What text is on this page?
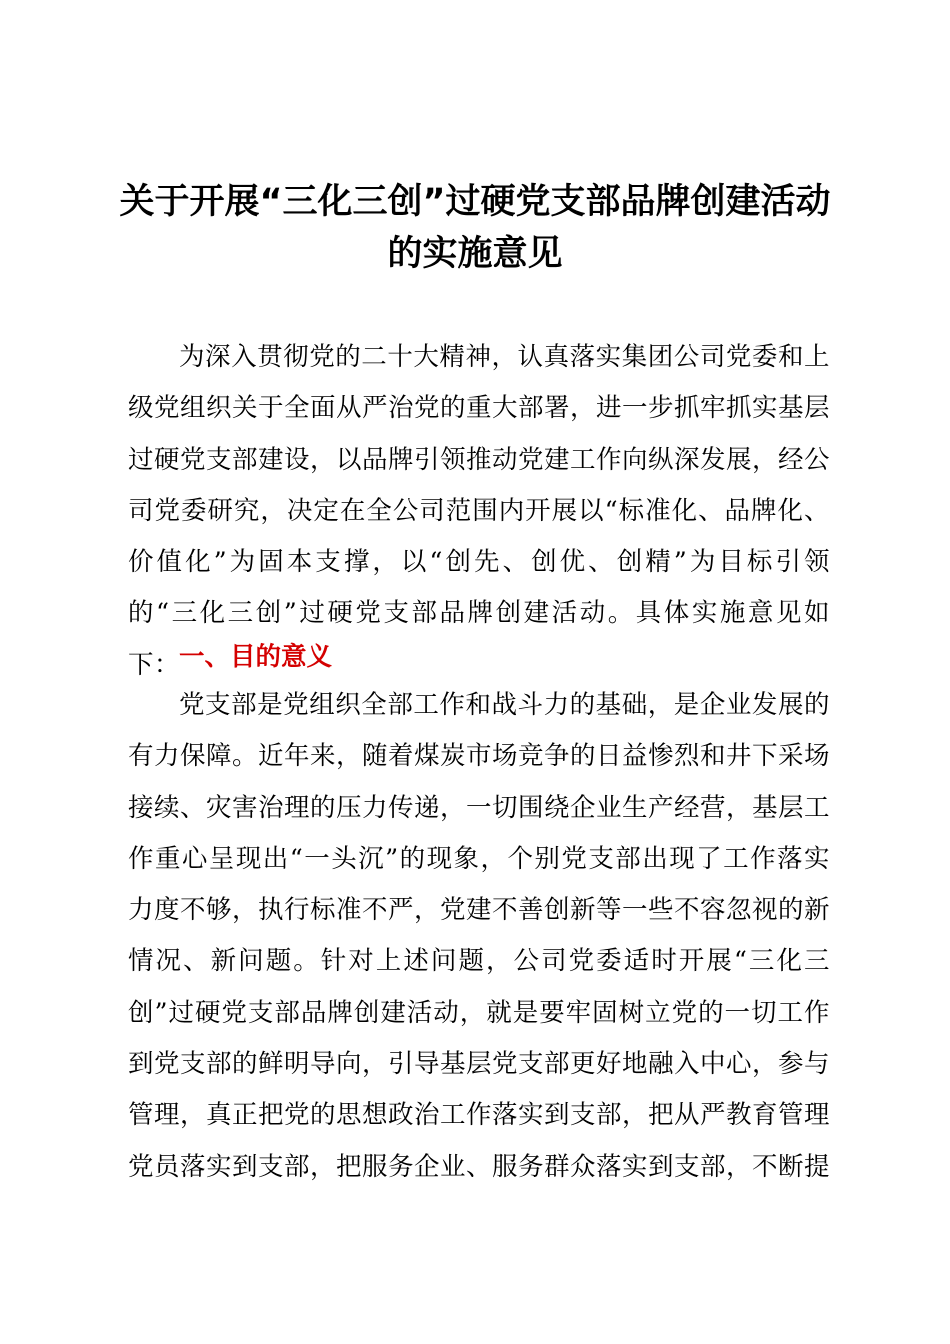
关于开展“三化三创”过硬党支部品牌创建活动的实施意见

为深入贯彻党的二十大精神，认真落实集团公司党委和上级党组织关于全面从严治党的重大部署，进一步抓牢抓实基层过硬党支部建设，以品牌引领推动党建工作向纵深发展，经公司党委研究，决定在全公司范围内开展以“标准化、品牌化、价值化”为固本支撑，以“创先、创优、创精”为目标引领的“三化三创”过硬党支部品牌创建活动。具体实施意见如下：

一、目的意义

党支部是党组织全部工作和战斗力的基础，是企业发展的有力保障。近年来，随着煤炭市场竞争的日益惨烈和井下采场接续、灾害治理的压力传递，一切围绕企业生产经营，基层工作重心呈现出“一头沉”的现象，个别党支部出现了工作落实力度不够，执行标准不严，党建不善创新等一些不容忽视的新情况、新问题。针对上述问题，公司党委适时开展“三化三创”过硬党支部品牌创建活动，就是要牢固树立党的一切工作到党支部的鲜明导向，引导基层党支部更好地融入中心，参与管理，真正把党的思想政治工作落实到支部，把从严教育管理党员落实到支部，把服务企业、服务群众落实到支部，不断提
